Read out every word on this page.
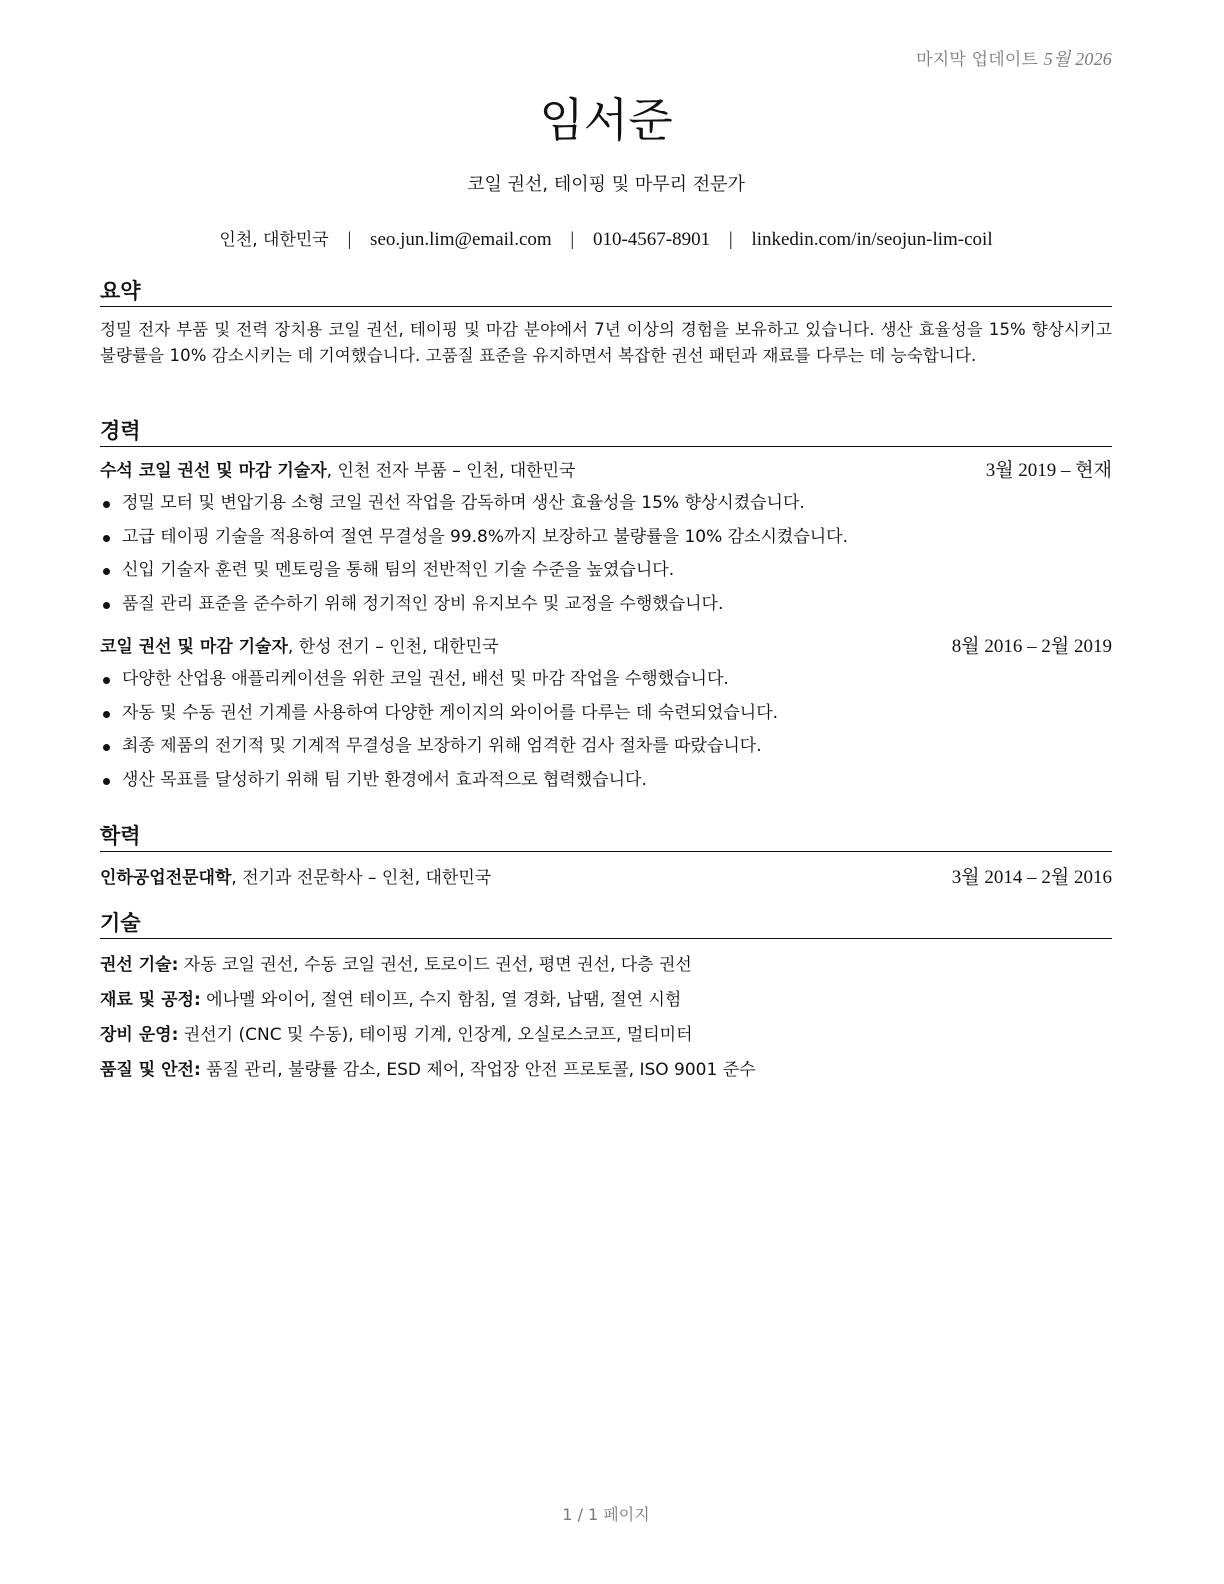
마지막 업데이트 5월 2026
임서준
코일 권선, 테이핑 및 마무리 전문가
인천, 대한민국 | seo.jun.lim@email.com | 010-4567-8901 | linkedin.com/in/seojun-lim-coil
요약
정밀 전자 부품 및 전력 장치용 코일 권선, 테이핑 및 마감 분야에서 7년 이상의 경험을 보유하고 있습니다. 생산 효율성을 15% 향상시키고 불량률을 10% 감소시키는 데 기여했습니다. 고품질 표준을 유지하면서 복잡한 권선 패턴과 재료를 다루는 데 능숙합니다.
경력
수석 코일 권선 및 마감 기술자, 인천 전자 부품 – 인천, 대한민국	3월 2019 – 현재
정밀 모터 및 변압기용 소형 코일 권선 작업을 감독하며 생산 효율성을 15% 향상시켰습니다.
고급 테이핑 기술을 적용하여 절연 무결성을 99.8%까지 보장하고 불량률을 10% 감소시켰습니다.
신입 기술자 훈련 및 멘토링을 통해 팀의 전반적인 기술 수준을 높였습니다.
품질 관리 표준을 준수하기 위해 정기적인 장비 유지보수 및 교정을 수행했습니다.
코일 권선 및 마감 기술자, 한성 전기 – 인천, 대한민국	8월 2016 – 2월 2019
다양한 산업용 애플리케이션을 위한 코일 권선, 배선 및 마감 작업을 수행했습니다.
자동 및 수동 권선 기계를 사용하여 다양한 게이지의 와이어를 다루는 데 숙련되었습니다.
최종 제품의 전기적 및 기계적 무결성을 보장하기 위해 엄격한 검사 절차를 따랐습니다.
생산 목표를 달성하기 위해 팀 기반 환경에서 효과적으로 협력했습니다.
학력
인하공업전문대학, 전기과 전문학사 – 인천, 대한민국	3월 2014 – 2월 2016
기술
권선 기술: 자동 코일 권선, 수동 코일 권선, 토로이드 권선, 평면 권선, 다층 권선
재료 및 공정: 에나멜 와이어, 절연 테이프, 수지 함침, 열 경화, 납땜, 절연 시험
장비 운영: 권선기 (CNC 및 수동), 테이핑 기계, 인장계, 오실로스코프, 멀티미터
품질 및 안전: 품질 관리, 불량률 감소, ESD 제어, 작업장 안전 프로토콜, ISO 9001 준수
1 / 1 페이지
